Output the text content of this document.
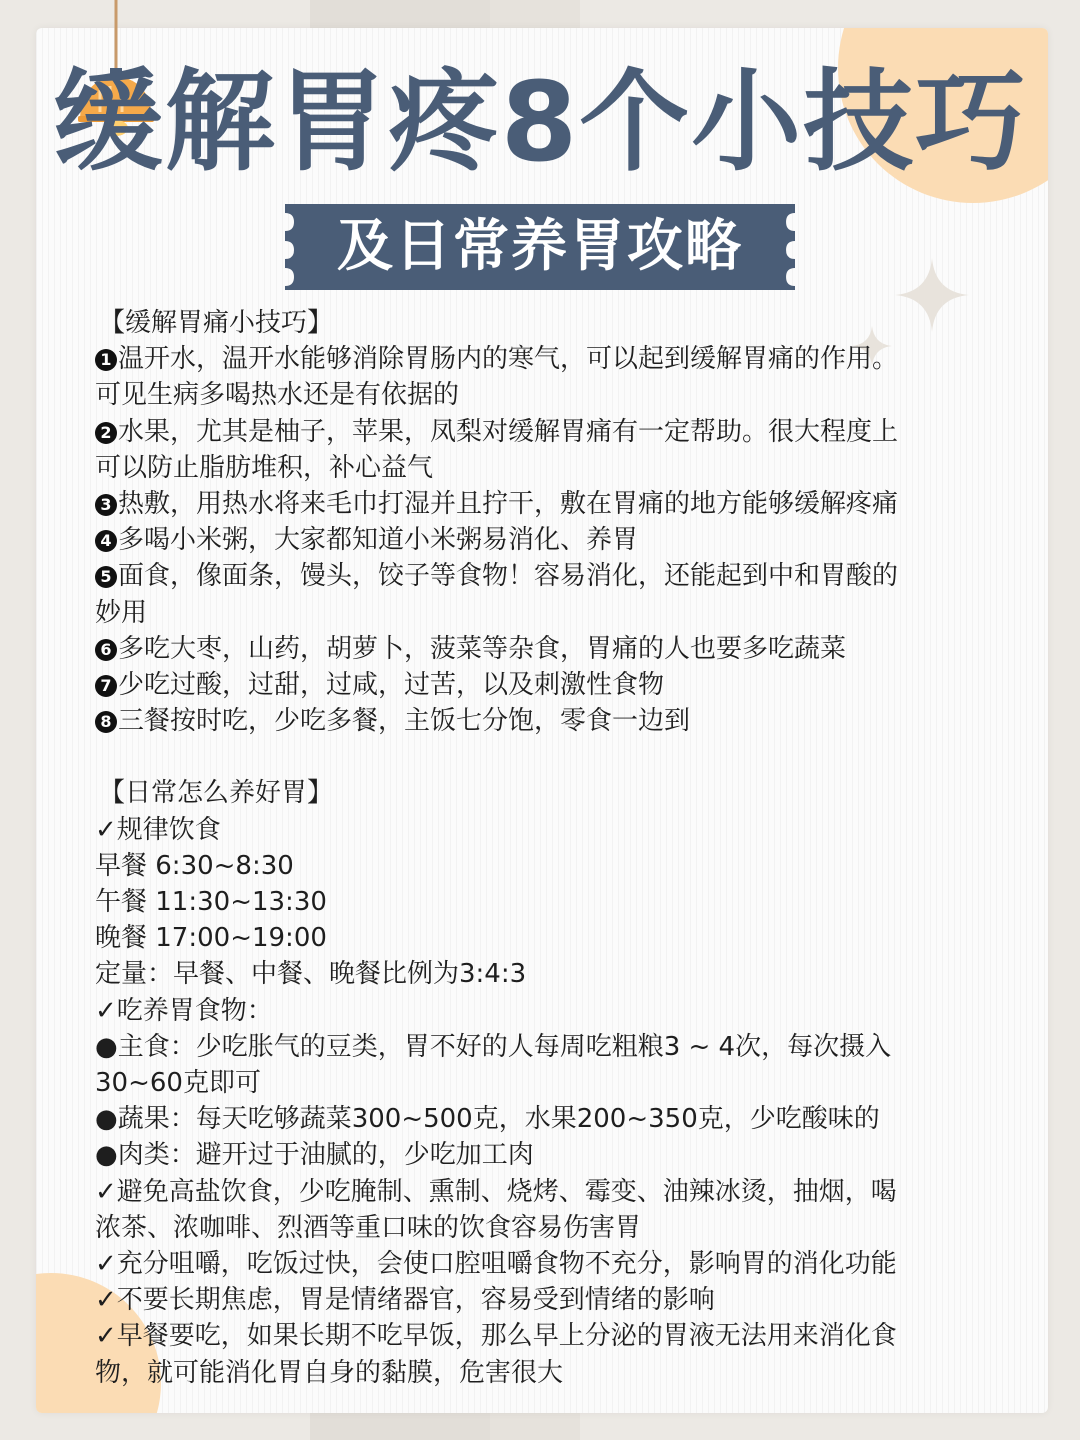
缓解胃疼8个小技巧
及日常养胃攻略

【缓解胃痛小技巧】

1 温开水，温开水能够消除胃肠内的寒气，可以起到缓解胃痛的作用。

可见生病多喝热水还是有依据的

2 水果，尤其是柚子，苹果，凤梨对缓解胃痛有一定帮助。很大程度上

可以防止脂肪堆积，补心益气

3 热敷，用热水将来毛巾打湿并且拧干，敷在胃痛的地方能够缓解疼痛

4 多喝小米粥，大家都知道小米粥易消化、养胃

5 面食，像面条，馒头，饺子等食物！容易消化，还能起到中和胃酸的

妙用

6 多吃大枣，山药，胡萝卜，菠菜等杂食，胃痛的人也要多吃蔬菜

7 少吃过酸，过甜，过咸，过苦，以及刺激性食物

8 三餐按时吃，少吃多餐，主饭七分饱，零食一边到

【日常怎么养好胃】

✓规律饮食

早餐 6:30~8:30

午餐 11:30~13:30

晚餐 17:00~19:00

定量：早餐、中餐、晚餐比例为3:4:3

✓吃养胃食物：

●主食：少吃胀气的豆类，胃不好的人每周吃粗粮3 ~ 4次，每次摄入

30~60克即可

●蔬果：每天吃够蔬菜300~500克，水果200~350克，少吃酸味的

●肉类：避开过于油腻的，少吃加工肉

✓避免高盐饮食，少吃腌制、熏制、烧烤、霉变、油辣冰烫，抽烟，喝

浓茶、浓咖啡、烈酒等重口味的饮食容易伤害胃

✓充分咀嚼，吃饭过快，会使口腔咀嚼食物不充分，影响胃的消化功能

✓不要长期焦虑，胃是情绪器官，容易受到情绪的影响

✓早餐要吃，如果长期不吃早饭，那么早上分泌的胃液无法用来消化食

物，就可能消化胃自身的黏膜，危害很大
